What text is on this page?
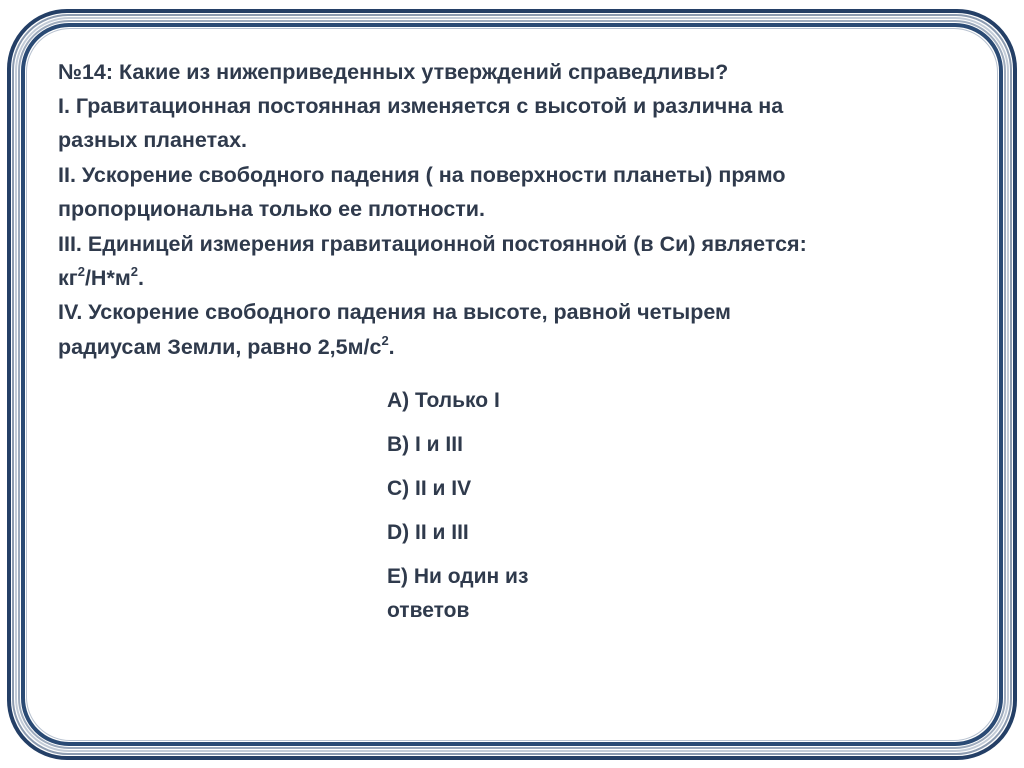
№14: Какие из нижеприведенных утверждений справедливы?
I. Гравитационная постоянная изменяется с высотой и различна на
разных планетах.
II. Ускорение свободного падения ( на поверхности планеты) прямо
пропорциональна только ее плотности.
III. Единицей измерения гравитационной постоянной (в Си) является:
$кг^2/Н*м^2$.
IV. Ускорение свободного падения на высоте, равной четырем
радиусам Земли, равно $2,5м/с^2$.
A) Только I
B) I и III
C) II и IV
D) II и III
E) Ни один из
ответов
